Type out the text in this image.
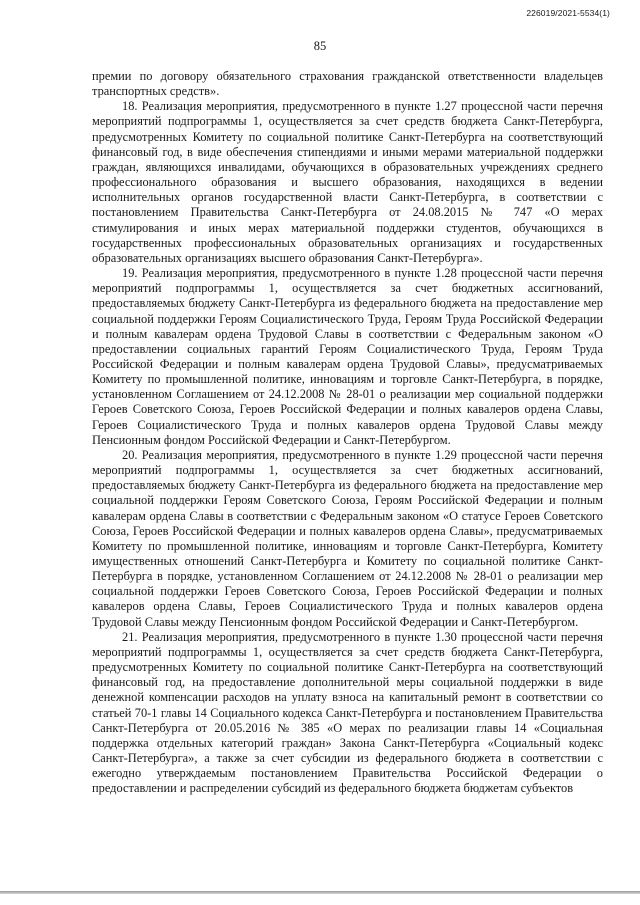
226019/2021-5534(1)
85

премии по договору обязательного страхования гражданской ответственности владельцев транспортных средств».

18. Реализация мероприятия, предусмотренного в пункте 1.27 процессной части перечня мероприятий подпрограммы 1, осуществляется за счет средств бюджета Санкт-Петербурга, предусмотренных Комитету по социальной политике Санкт-Петербурга на соответствующий финансовый год, в виде обеспечения стипендиями и иными мерами материальной поддержки граждан, являющихся инвалидами, обучающихся в образовательных учреждениях среднего профессионального образования и высшего образования, находящихся в ведении исполнительных органов государственной власти Санкт-Петербурга, в соответствии с постановлением Правительства Санкт-Петербурга от 24.08.2015 № 747 «О мерах стимулирования и иных мерах материальной поддержки студентов, обучающихся в государственных профессиональных образовательных организациях и государственных образовательных организациях высшего образования Санкт-Петербурга».

19. Реализация мероприятия, предусмотренного в пункте 1.28 процессной части перечня мероприятий подпрограммы 1, осуществляется за счет бюджетных ассигнований, предоставляемых бюджету Санкт-Петербурга из федерального бюджета на предоставление мер социальной поддержки Героям Социалистического Труда, Героям Труда Российской Федерации и полным кавалерам ордена Трудовой Славы в соответствии с Федеральным законом «О предоставлении социальных гарантий Героям Социалистического Труда, Героям Труда Российской Федерации и полным кавалерам ордена Трудовой Славы», предусматриваемых Комитету по промышленной политике, инновациям и торговле Санкт-Петербурга, в порядке, установленном Соглашением от 24.12.2008 № 28-01 о реализации мер социальной поддержки Героев Советского Союза, Героев Российской Федерации и полных кавалеров ордена Славы, Героев Социалистического Труда и полных кавалеров ордена Трудовой Славы между Пенсионным фондом Российской Федерации и Санкт-Петербургом.

20. Реализация мероприятия, предусмотренного в пункте 1.29 процессной части перечня мероприятий подпрограммы 1, осуществляется за счет бюджетных ассигнований, предоставляемых бюджету Санкт-Петербурга из федерального бюджета на предоставление мер социальной поддержки Героям Советского Союза, Героям Российской Федерации и полным кавалерам ордена Славы в соответствии с Федеральным законом «О статусе Героев Советского Союза, Героев Российской Федерации и полных кавалеров ордена Славы», предусматриваемых Комитету по промышленной политике, инновациям и торговле Санкт-Петербурга, Комитету имущественных отношений Санкт-Петербурга и Комитету по социальной политике Санкт-Петербурга в порядке, установленном Соглашением от 24.12.2008 № 28-01 о реализации мер социальной поддержки Героев Советского Союза, Героев Российской Федерации и полных кавалеров ордена Славы, Героев Социалистического Труда и полных кавалеров ордена Трудовой Славы между Пенсионным фондом Российской Федерации и Санкт-Петербургом.

21. Реализация мероприятия, предусмотренного в пункте 1.30 процессной части перечня мероприятий подпрограммы 1, осуществляется за счет средств бюджета Санкт-Петербурга, предусмотренных Комитету по социальной политике Санкт-Петербурга на соответствующий финансовый год, на предоставление дополнительной меры социальной поддержки в виде денежной компенсации расходов на уплату взноса на капитальный ремонт в соответствии со статьей 70-1 главы 14 Социального кодекса Санкт-Петербурга и постановлением Правительства Санкт-Петербурга от 20.05.2016 № 385 «О мерах по реализации главы 14 «Социальная поддержка отдельных категорий граждан» Закона Санкт-Петербурга «Социальный кодекс Санкт-Петербурга», а также за счет субсидии из федерального бюджета в соответствии с ежегодно утверждаемым постановлением Правительства Российской Федерации о предоставлении и распределении субсидий из федерального бюджета бюджетам субъектов
